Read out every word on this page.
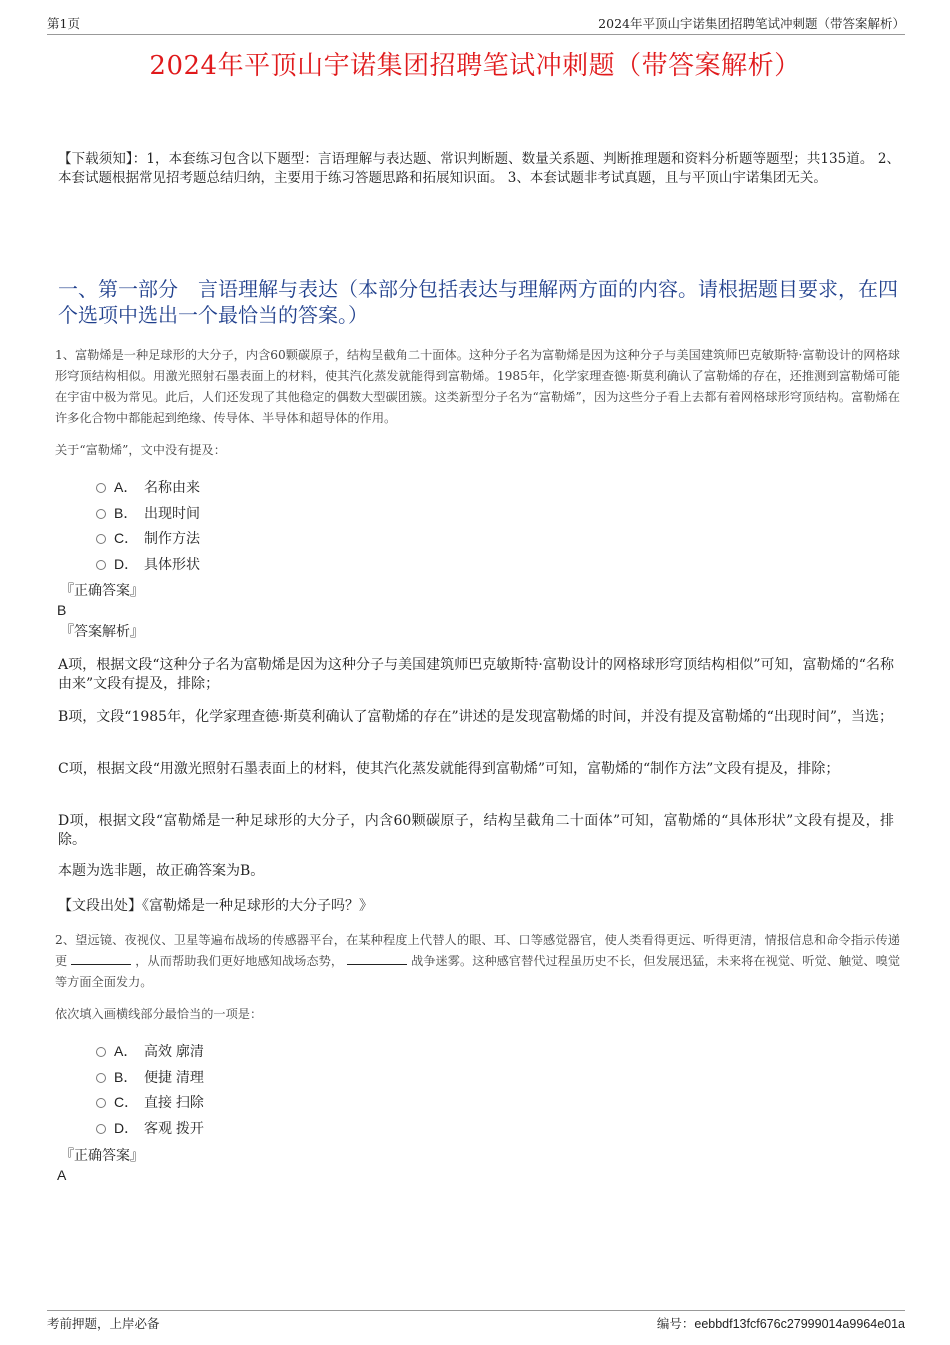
第1页	2024年平顶山宇诺集团招聘笔试冲刺题（带答案解析）
2024年平顶山宇诺集团招聘笔试冲刺题（带答案解析）

【下载须知】：1，本套练习包含以下题型：言语理解与表达题、常识判断题、数量关系题、判断推理题和资料分析题等题型；共135道。 2、本套试题根据常见招考题总结归纳，主要用于练习答题思路和拓展知识面。 3、本套试题非考试真题，且与平顶山宇诺集团无关。

一、第一部分　言语理解与表达（本部分包括表达与理解两方面的内容。请根据题目要求，在四个选项中选出一个最恰当的答案。）

1、富勒烯是一种足球形的大分子，内含60颗碳原子，结构呈截角二十面体。这种分子名为富勒烯是因为这种分子与美国建筑师巴克敏斯特·富勒设计的网格球形穹顶结构相似。用激光照射石墨表面上的材料，使其汽化蒸发就能得到富勒烯。1985年，化学家理查德·斯莫利确认了富勒烯的存在，还推测到富勒烯可能在宇宙中极为常见。此后，人们还发现了其他稳定的偶数大型碳团簇。这类新型分子名为“富勒烯”，因为这些分子看上去都有着网格球形穹顶结构。富勒烯在许多化合物中都能起到绝缘、传导体、半导体和超导体的作用。

关于“富勒烯”，文中没有提及：

A． 名称由来
B． 出现时间
C． 制作方法
D． 具体形状

『正确答案』

B

『答案解析』

A项，根据文段“这种分子名为富勒烯是因为这种分子与美国建筑师巴克敏斯特·富勒设计的网格球形穹顶结构相似”可知，富勒烯的“名称由来”文段有提及，排除；

B项，文段“1985年，化学家理查德·斯莫利确认了富勒烯的存在”讲述的是发现富勒烯的时间，并没有提及富勒烯的“出现时间”，当选；

C项，根据文段“用激光照射石墨表面上的材料，使其汽化蒸发就能得到富勒烯”可知，富勒烯的“制作方法”文段有提及，排除；

D项，根据文段“富勒烯是一种足球形的大分子，内含60颗碳原子，结构呈截角二十面体”可知，富勒烯的“具体形状”文段有提及，排除。

本题为选非题，故正确答案为B。

【文段出处】《富勒烯是一种足球形的大分子吗？》

2、望远镜、夜视仪、卫星等遍布战场的传感器平台，在某种程度上代替人的眼、耳、口等感觉器官，使人类看得更远、听得更清，情报信息和命令指示传递更	，从而帮助我们更好地感知战场态势，	战争迷雾。这种感官替代过程虽历史不长，但发展迅猛，未来将在视觉、听觉、触觉、嗅觉等方面全面发力。

依次填入画横线部分最恰当的一项是：

A． 高效 廓清
B． 便捷 清理
C． 直接 扫除
D． 客观 拨开

『正确答案』

A

考前押题，上岸必备	编号：eebbdf13fcf676c27999014a9964e01a
